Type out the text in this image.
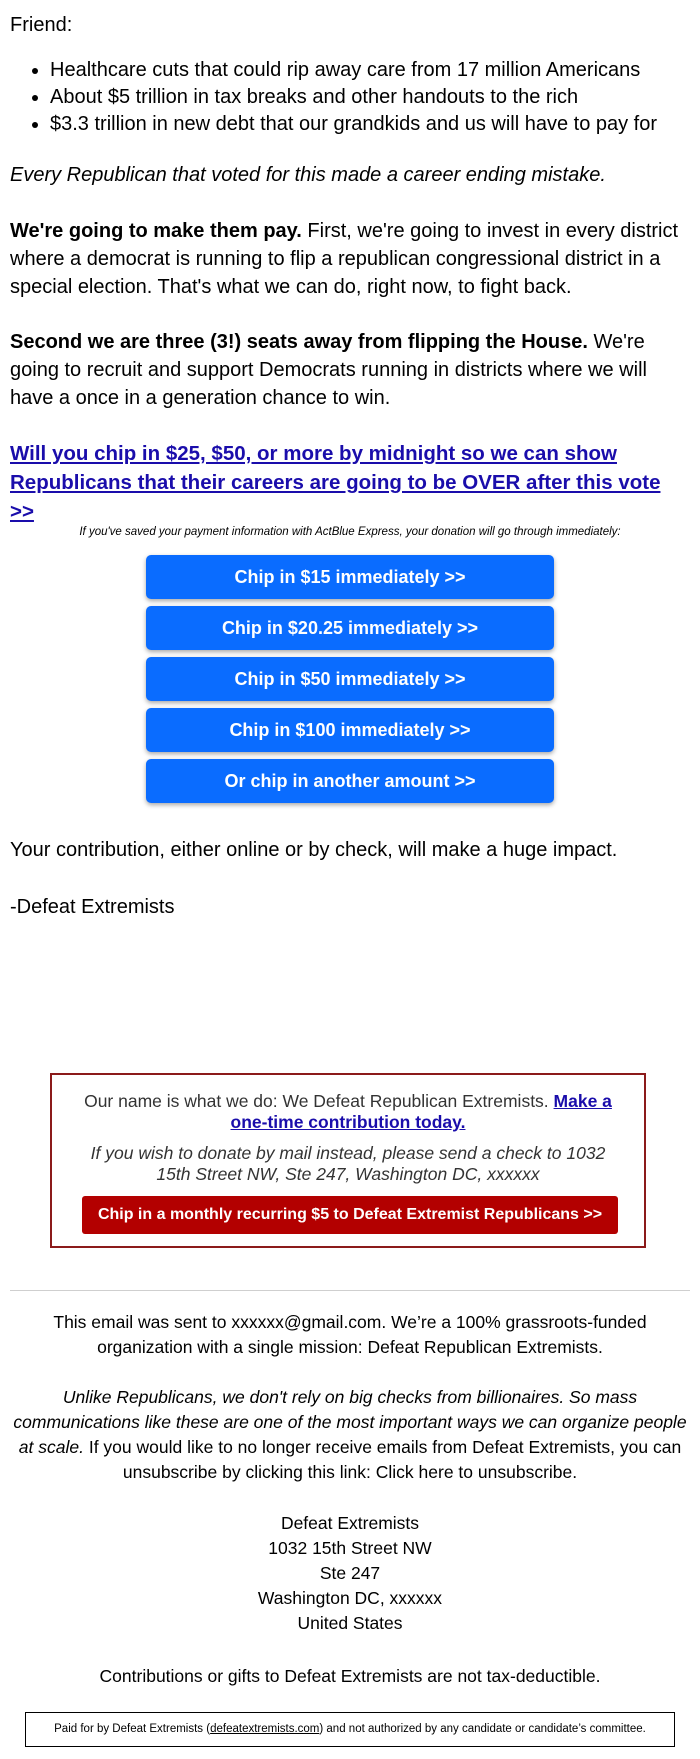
Friend:

• Healthcare cuts that could rip away care from 17 million Americans
• About $5 trillion in tax breaks and other handouts to the rich
• $3.3 trillion in new debt that our grandkids and us will have to pay for

Every Republican that voted for this made a career ending mistake.

We're going to make them pay. First, we're going to invest in every district where a democrat is running to flip a republican congressional district in a special election. That's what we can do, right now, to fight back.

Second we are three (3!) seats away from flipping the House. We're going to recruit and support Democrats running in districts where we will have a once in a generation chance to win.

Will you chip in $25, $50, or more by midnight so we can show Republicans that their careers are going to be OVER after this vote >>
If you've saved your payment information with ActBlue Express, your donation will go through immediately:
Chip in $15 immediately >>
Chip in $20.25 immediately >>
Chip in $50 immediately >>
Chip in $100 immediately >>
Or chip in another amount >>

Your contribution, either online or by check, will make a huge impact.

-Defeat Extremists

Our name is what we do: We Defeat Republican Extremists. Make a one-time contribution today.
If you wish to donate by mail instead, please send a check to 1032 15th Street NW, Ste 247, Washington DC, xxxxxx
Chip in a monthly recurring $5 to Defeat Extremist Republicans >>
This email was sent to xxxxxx@gmail.com. We’re a 100% grassroots-funded organization with a single mission: Defeat Republican Extremists.
Unlike Republicans, we don't rely on big checks from billionaires. So mass communications like these are one of the most important ways we can organize people at scale. If you would like to no longer receive emails from Defeat Extremists, you can unsubscribe by clicking this link: Click here to unsubscribe.
Defeat Extremists
1032 15th Street NW
Ste 247
Washington DC, xxxxxx
United States
Contributions or gifts to Defeat Extremists are not tax-deductible.
Paid for by Defeat Extremists (defeatextremists.com) and not authorized by any candidate or candidate’s committee.
